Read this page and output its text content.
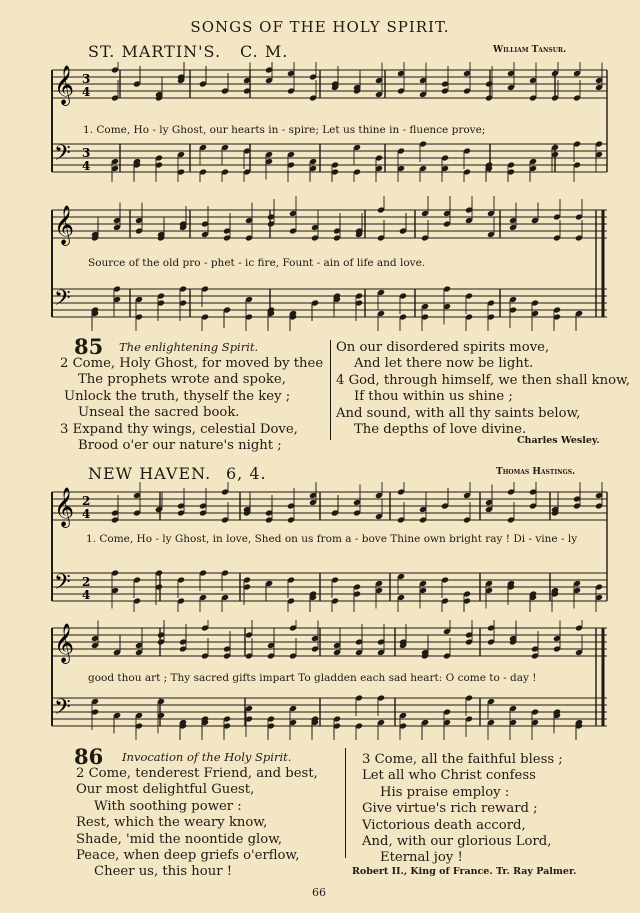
SONGS OF THE HOLY SPIRIT.
ST. MARTIN'S. C. M.	William Tansur.
𝄞
𝄢
3
4
3
4
1. Come, Ho - ly Ghost, our hearts in - spire; Let us thine in - fluence prove;
𝄞
𝄢
Source of the old pro - phet - ic fire, Fount - ain of life and love.
85 The enlightening Spirit.
2 Come, Holy Ghost, for moved by thee
The prophets wrote and spoke,
Unlock the truth, thyself the key ;
Unseal the sacred book.
3 Expand thy wings, celestial Dove,
Brood o'er our nature's night ;
On our disordered spirits move,
And let there now be light.
4 God, through himself, we then shall know,
If thou within us shine ;
And sound, with all thy saints below,
The depths of love divine.
Charles Wesley.
NEW HAVEN. 6, 4.	Thomas Hastings.
𝄞
𝄢
2
4
2
4
1. Come, Ho - ly Ghost, in love, Shed on us from a - bove Thine own bright ray ! Di - vine - ly
𝄞
𝄢
good thou art ; Thy sacred gifts impart To gladden each sad heart: O come to - day !
86 Invocation of the Holy Spirit.
2 Come, tenderest Friend, and best,
Our most delightful Guest,
With soothing power :
Rest, which the weary know,
Shade, 'mid the noontide glow,
Peace, when deep griefs o'erflow,
Cheer us, this hour !
3 Come, all the faithful bless ;
Let all who Christ confess
His praise employ :
Give virtue's rich reward ;
Victorious death accord,
And, with our glorious Lord,
Eternal joy !
Robert II., King of France. Tr. Ray Palmer.
66
